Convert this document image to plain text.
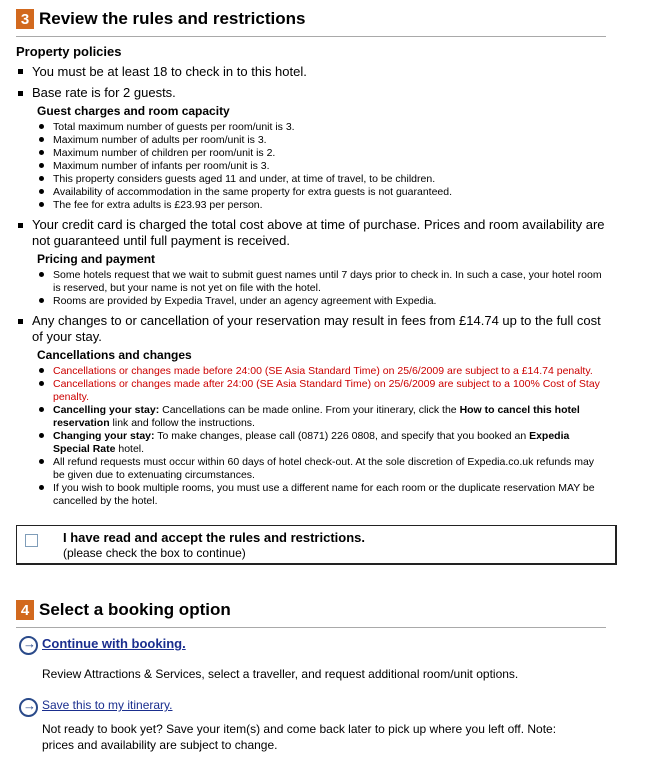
3 Review the rules and restrictions
Property policies
You must be at least 18 to check in to this hotel.
Base rate is for 2 guests.
Guest charges and room capacity
Total maximum number of guests per room/unit is 3.
Maximum number of adults per room/unit is 3.
Maximum number of children per room/unit is 2.
Maximum number of infants per room/unit is 3.
This property considers guests aged 11 and under, at time of travel, to be children.
Availability of accommodation in the same property for extra guests is not guaranteed.
The fee for extra adults is £23.93 per person.
Your credit card is charged the total cost above at time of purchase. Prices and room availability are
not guaranteed until full payment is received.
Pricing and payment
Some hotels request that we wait to submit guest names until 7 days prior to check in. In such a case, your hotel room
is reserved, but your name is not yet on file with the hotel.
Rooms are provided by Expedia Travel, under an agency agreement with Expedia.
Any changes to or cancellation of your reservation may result in fees from £14.74 up to the full cost
of your stay.
Cancellations and changes
Cancellations or changes made before 24:00 (SE Asia Standard Time) on 25/6/2009 are subject to a £14.74 penalty.
Cancellations or changes made after 24:00 (SE Asia Standard Time) on 25/6/2009 are subject to a 100% Cost of Stay
penalty.
Cancelling your stay: Cancellations can be made online. From your itinerary, click the How to cancel this hotel
reservation link and follow the instructions.
Changing your stay: To make changes, please call (0871) 226 0808, and specify that you booked an Expedia
Special Rate hotel.
All refund requests must occur within 60 days of hotel check-out. At the sole discretion of Expedia.co.uk refunds may
be given due to extenuating circumstances.
If you wish to book multiple rooms, you must use a different name for each room or the duplicate reservation MAY be
cancelled by the hotel.
I have read and accept the rules and restrictions.
(please check the box to continue)
4 Select a booking option
→ Continue with booking.
Review Attractions & Services, select a traveller, and request additional room/unit options.
→ Save this to my itinerary.
Not ready to book yet? Save your item(s) and come back later to pick up where you left off. Note:
prices and availability are subject to change.
